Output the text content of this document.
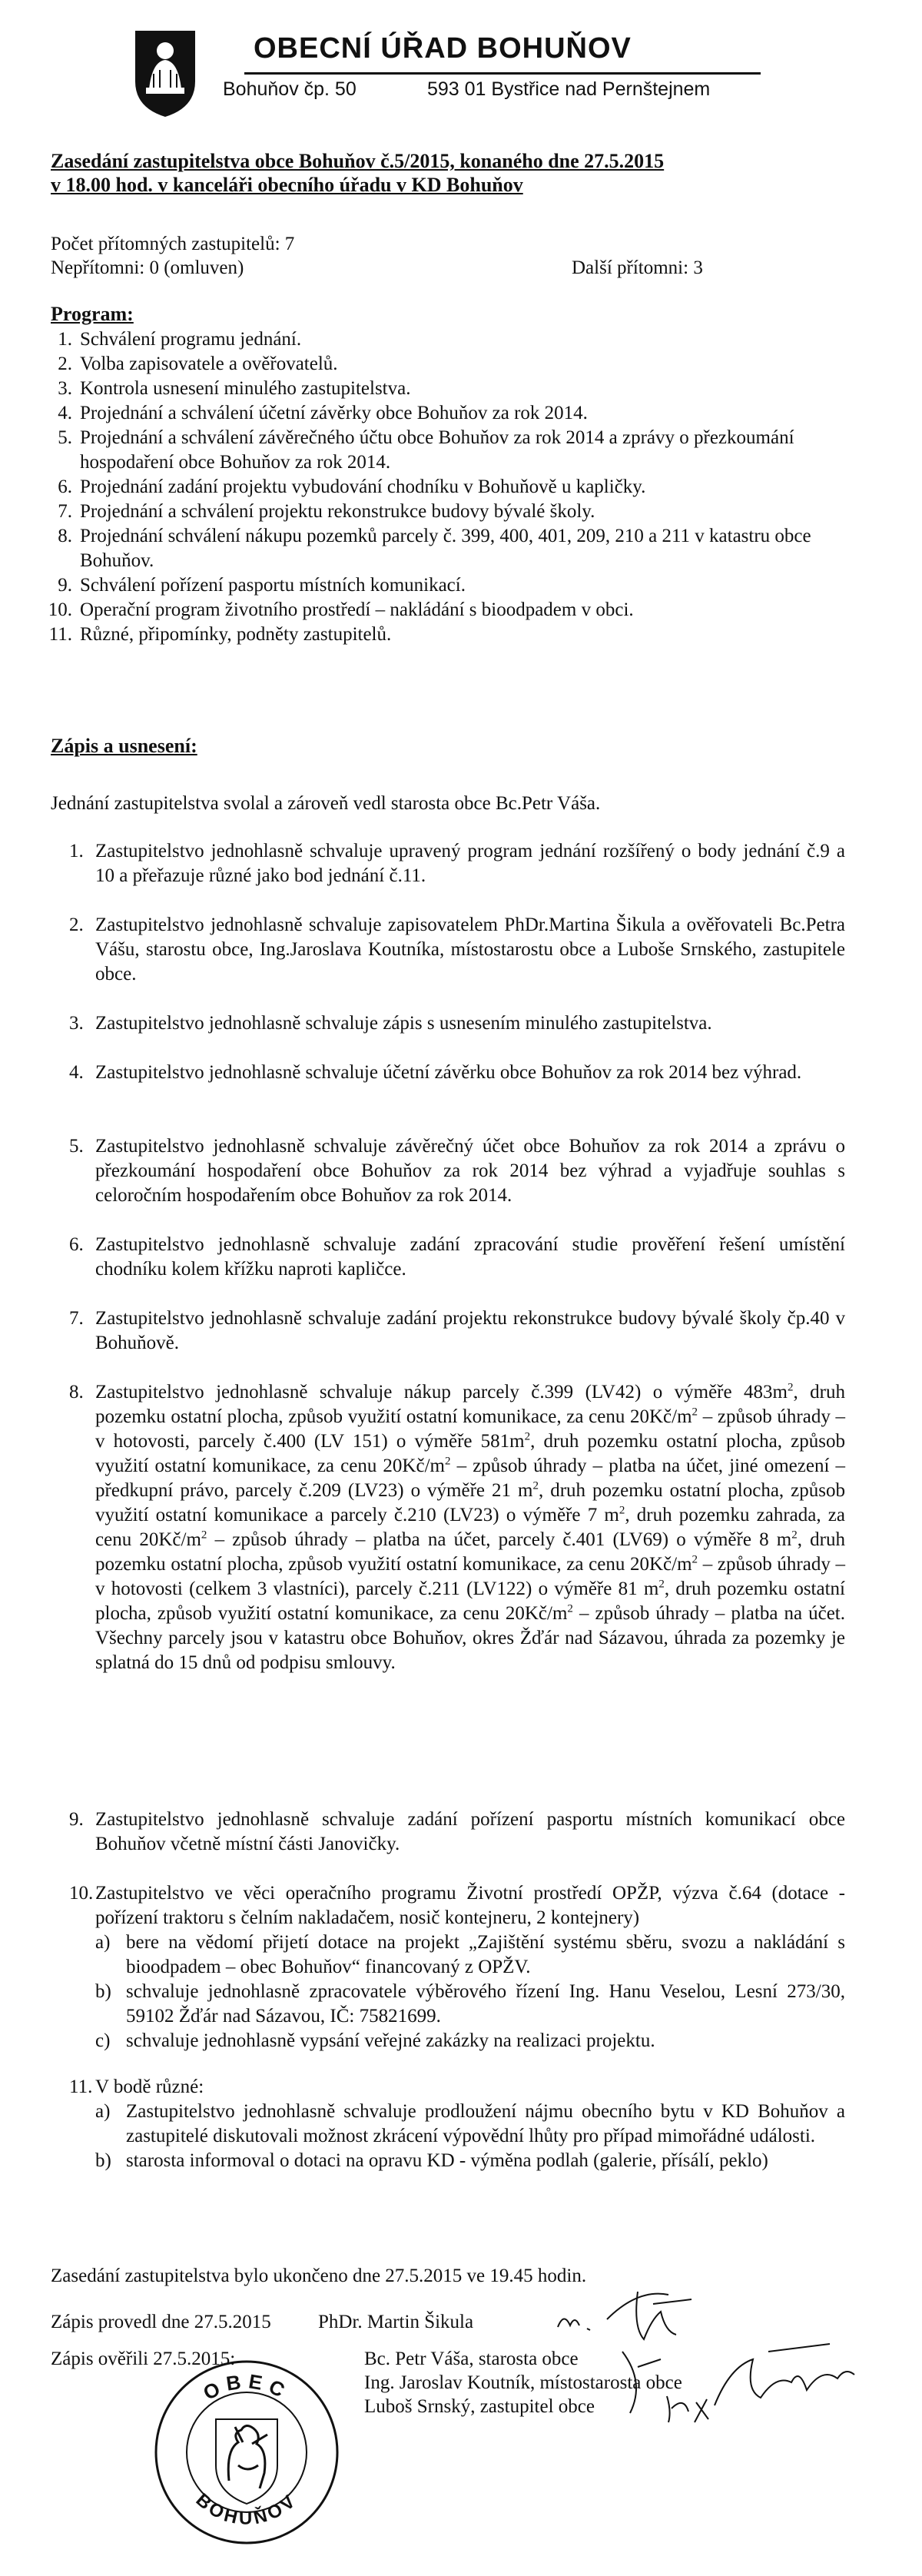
OBECNÍ ÚŘAD BOHUŇOV
Bohuňov čp. 50	593 01 Bystřice nad Pernštejnem
Zasedání zastupitelstva obce Bohuňov č.5/2015, konaného dne 27.5.2015
v 18.00 hod. v kanceláři obecního úřadu v KD Bohuňov
Počet přítomných zastupitelů: 7
Nepřítomni: 0 (omluven)	Další přítomni: 3
Program:
1. Schválení programu jednání.
2. Volba zapisovatele a ověřovatelů.
3. Kontrola usnesení minulého zastupitelstva.
4. Projednání a schválení účetní závěrky obce Bohuňov za rok 2014.
5. Projednání a schválení závěrečného účtu obce Bohuňov za rok 2014 a zprávy o přezkoumání hospodaření obce Bohuňov za rok 2014.
6. Projednání zadání projektu vybudování chodníku v Bohuňově u kapličky.
7. Projednání a schválení projektu rekonstrukce budovy bývalé školy.
8. Projednání schválení nákupu pozemků parcely č. 399, 400, 401, 209, 210 a 211 v katastru obce Bohuňov.
9. Schválení pořízení pasportu místních komunikací.
10. Operační program životního prostředí – nakládání s bioodpadem v obci.
11. Různé, připomínky, podněty zastupitelů.
Zápis a usnesení:
Jednání zastupitelstva svolal a zároveň vedl starosta obce Bc.Petr Váša.
1. Zastupitelstvo jednohlasně schvaluje upravený program jednání rozšířený o body jednání č.9 a 10 a přeřazuje různé jako bod jednání č.11.
2. Zastupitelstvo jednohlasně schvaluje zapisovatelem PhDr.Martina Šikula a ověřovateli Bc.Petra Vášu, starostu obce, Ing.Jaroslava Koutníka, místostarostu obce a Luboše Srnského, zastupitele obce.
3. Zastupitelstvo jednohlasně schvaluje zápis s usnesením minulého zastupitelstva.
4. Zastupitelstvo jednohlasně schvaluje účetní závěrku obce Bohuňov za rok 2014 bez výhrad.
5. Zastupitelstvo jednohlasně schvaluje závěrečný účet obce Bohuňov za rok 2014 a zprávu o přezkoumání hospodaření obce Bohuňov za rok 2014 bez výhrad a vyjadřuje souhlas s celoročním hospodařením obce Bohuňov za rok 2014.
6. Zastupitelstvo jednohlasně schvaluje zadání zpracování studie prověření řešení umístění chodníku kolem křížku naproti kapličce.
7. Zastupitelstvo jednohlasně schvaluje zadání projektu rekonstrukce budovy bývalé školy čp.40 v Bohuňově.
8. Zastupitelstvo jednohlasně schvaluje nákup parcely č.399 (LV42) o výměře $483m^2$, druh pozemku ostatní plocha, způsob využití ostatní komunikace, za cenu $20Kč/m^2$ – způsob úhrady – v hotovosti, parcely č.400 (LV 151) o výměře $581m^2$, druh pozemku ostatní plocha, způsob využití ostatní komunikace, za cenu $20Kč/m^2$ – způsob úhrady – platba na účet, jiné omezení – předkupní právo, parcely č.209 (LV23) o výměře 21 $m^2$, druh pozemku ostatní plocha, způsob využití ostatní komunikace a parcely č.210 (LV23) o výměře 7 $m^2$, druh pozemku zahrada, za cenu $20Kč/m^2$ – způsob úhrady – platba na účet, parcely č.401 (LV69) o výměře 8 $m^2$, druh pozemku ostatní plocha, způsob využití ostatní komunikace, za cenu $20Kč/m^2$ – způsob úhrady – v hotovosti (celkem 3 vlastníci), parcely č.211 (LV122) o výměře 81 $m^2$, druh pozemku ostatní plocha, způsob využití ostatní komunikace, za cenu $20Kč/m^2$ – způsob úhrady – platba na účet. Všechny parcely jsou v katastru obce Bohuňov, okres Žďár nad Sázavou, úhrada za pozemky je splatná do 15 dnů od podpisu smlouvy.
9. Zastupitelstvo jednohlasně schvaluje zadání pořízení pasportu místních komunikací obce Bohuňov včetně místní části Janovičky.
10. Zastupitelstvo ve věci operačního programu Životní prostředí OPŽP, výzva č.64 (dotace - pořízení traktoru s čelním nakladačem, nosič kontejneru, 2 kontejnery)
a) bere na vědomí přijetí dotace na projekt „Zajištění systému sběru, svozu a nakládání s bioodpadem – obec Bohuňov“ financovaný z OPŽV.
b) schvaluje jednohlasně zpracovatele výběrového řízení Ing. Hanu Veselou, Lesní 273/30, 59102 Žďár nad Sázavou, IČ: 75821699.
c) schvaluje jednohlasně vypsání veřejné zakázky na realizaci projektu.
11. V bodě různé:
a) Zastupitelstvo jednohlasně schvaluje prodloužení nájmu obecního bytu v KD Bohuňov a zastupitelé diskutovali možnost zkrácení výpovědní lhůty pro případ mimořádné události.
b) starosta informoval o dotaci na opravu KD - výměna podlah (galerie, přísálí, peklo)
Zasedání zastupitelstva bylo ukončeno dne 27.5.2015 ve 19.45 hodin.
Zápis provedl dne 27.5.2015 PhDr. Martin Šikula
Zápis ověřili 27.5.2015:	Bc. Petr Váša, starosta obce
Ing. Jaroslav Koutník, místostarosta obce
Luboš Srnský, zastupitel obce
OBEC
BOHUŇOV
